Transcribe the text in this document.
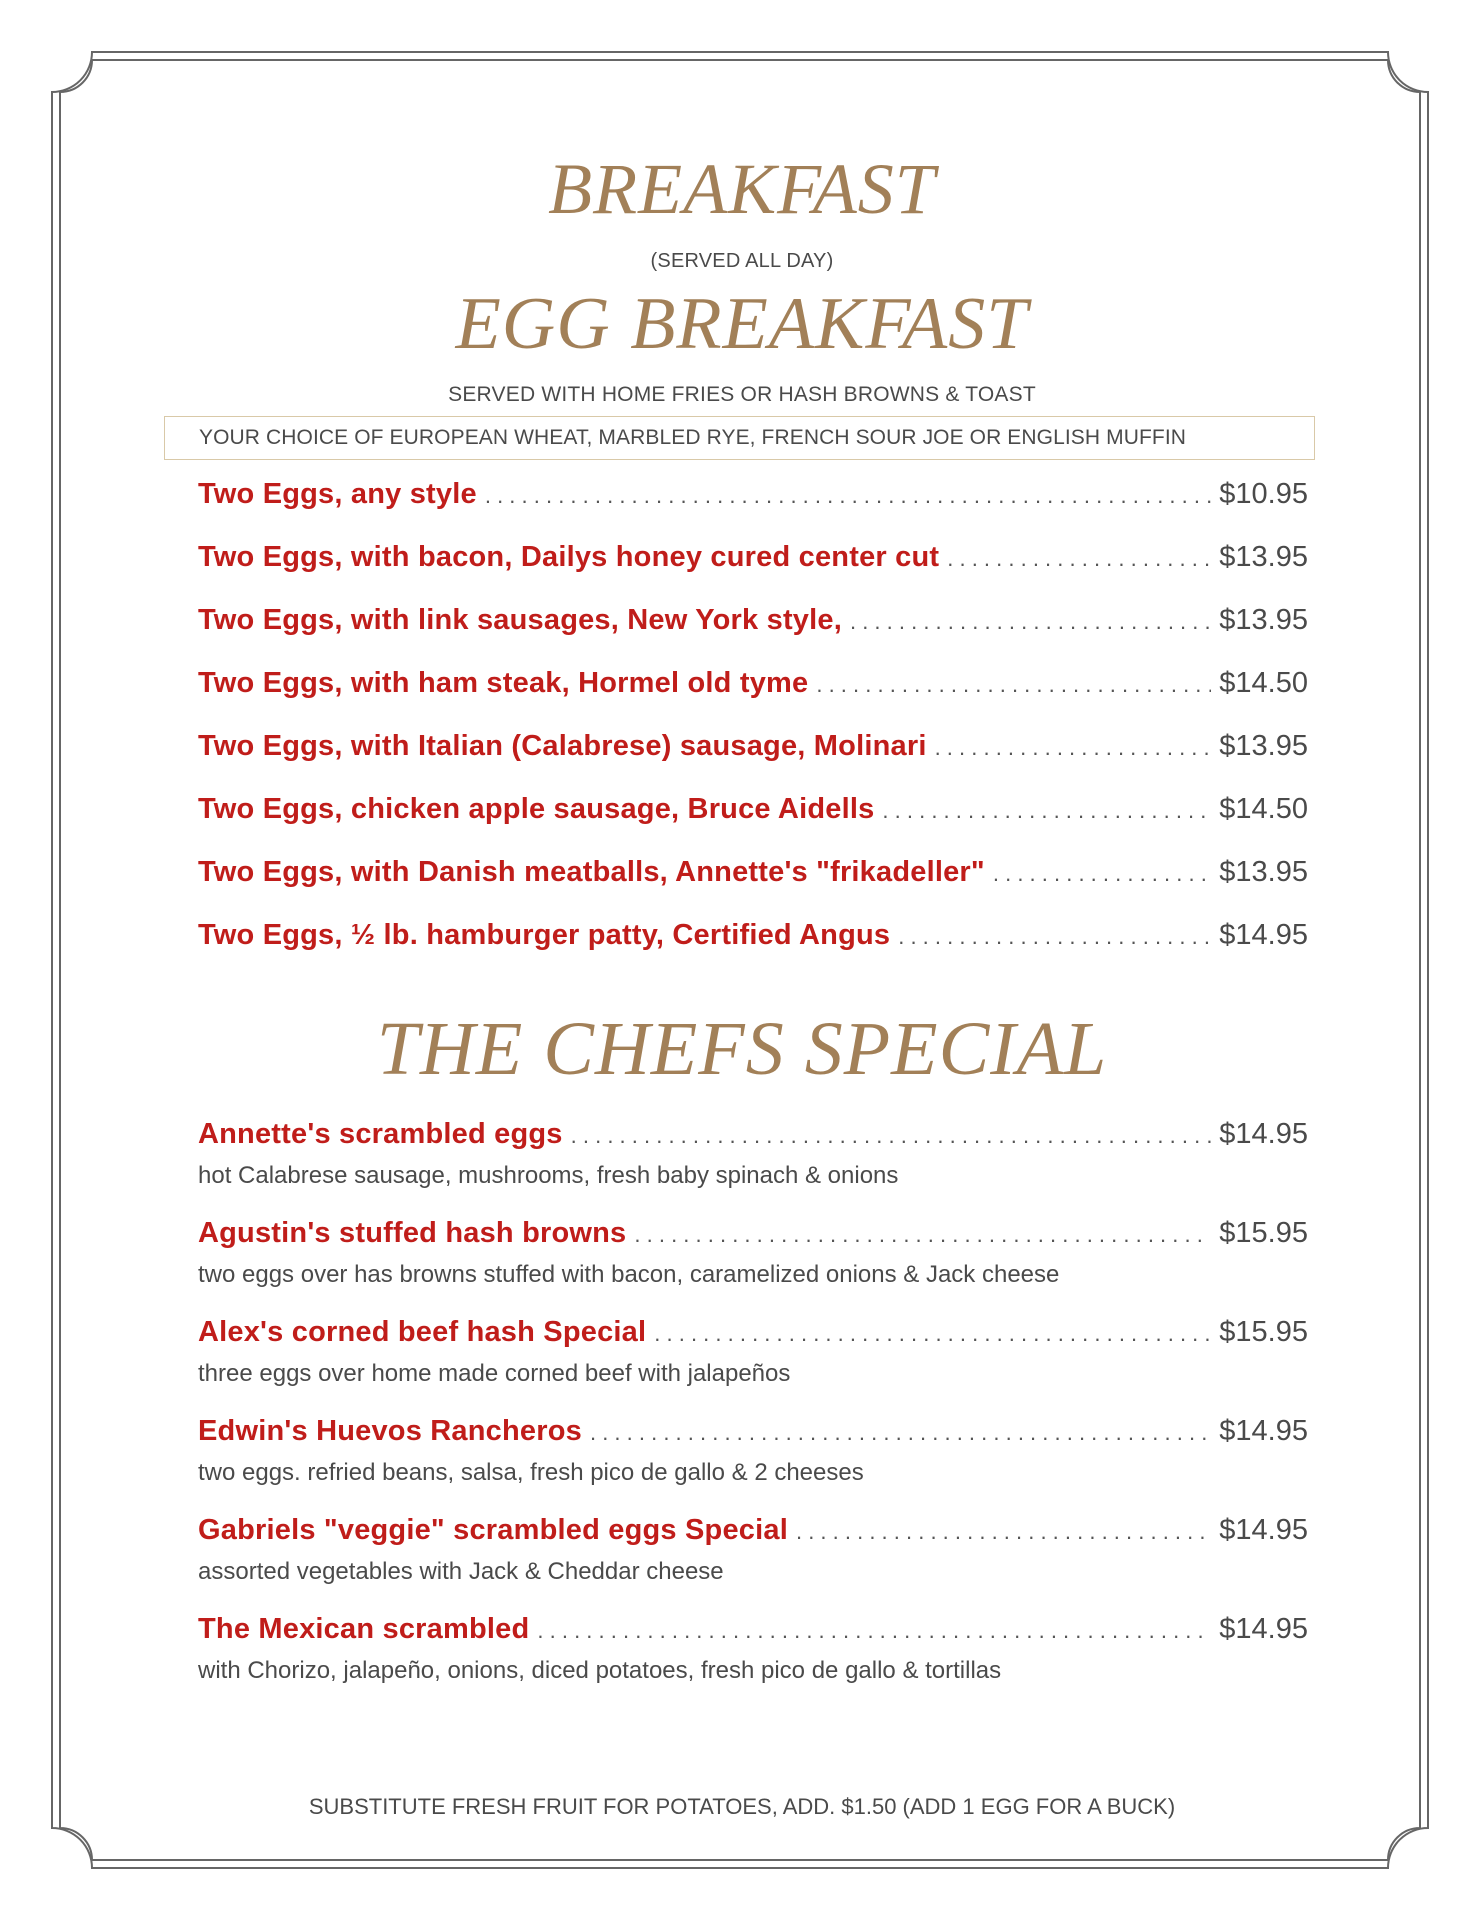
BREAKFAST
(SERVED ALL DAY)
EGG BREAKFAST
SERVED WITH HOME FRIES OR HASH BROWNS & TOAST
YOUR CHOICE OF EUROPEAN WHEAT, MARBLED RYE, FRENCH SOUR JOE OR ENGLISH MUFFIN
Two Eggs, any style . . .	$10.95
Two Eggs, with bacon, Dailys honey cured center cut . . .	$13.95
Two Eggs, with link sausages, New York style, . . .	$13.95
Two Eggs, with ham steak, Hormel old tyme . . .	$14.50
Two Eggs, with Italian (Calabrese) sausage, Molinari . . .	$13.95
Two Eggs, chicken apple sausage, Bruce Aidells . . .	$14.50
Two Eggs, with Danish meatballs, Annette's "frikadeller" . . .	$13.95
Two Eggs, ½ lb. hamburger patty, Certified Angus . . .	$14.95
THE CHEFS SPECIAL
Annette's scrambled eggs . . .	$14.95
hot Calabrese sausage, mushrooms, fresh baby spinach & onions
Agustin's stuffed hash browns . . .	$15.95
two eggs over has browns stuffed with bacon, caramelized onions & Jack cheese
Alex's corned beef hash Special . . .	$15.95
three eggs over home made corned beef with jalapeños
Edwin's Huevos Rancheros . . .	$14.95
two eggs. refried beans, salsa, fresh pico de gallo & 2 cheeses
Gabriels "veggie" scrambled eggs Special . . .	$14.95
assorted vegetables with Jack & Cheddar cheese
The Mexican scrambled . . .	$14.95
with Chorizo, jalapeño, onions, diced potatoes, fresh pico de gallo & tortillas
SUBSTITUTE FRESH FRUIT FOR POTATOES, ADD. $1.50 (ADD 1 EGG FOR A BUCK)
